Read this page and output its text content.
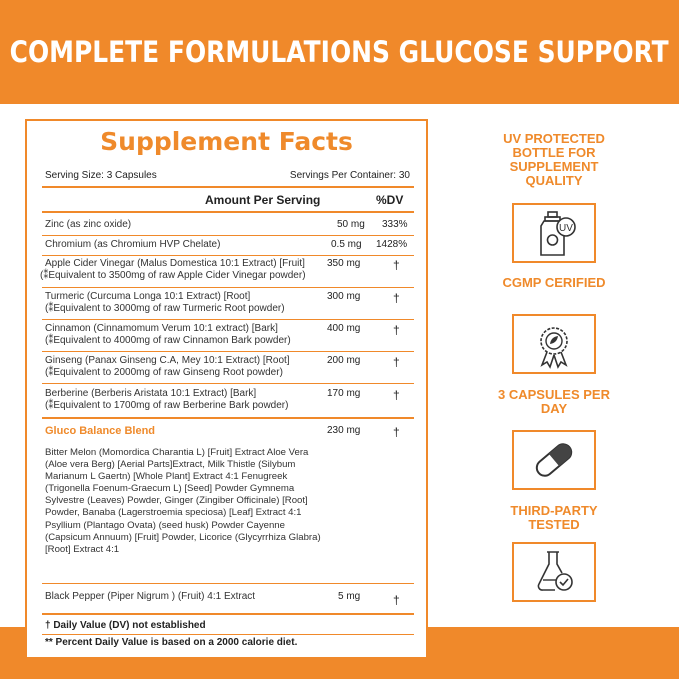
COMPLETE FORMULATIONS GLUCOSE SUPPORT
Supplement Facts
Serving Size: 3 Capsules	Servings Per Container: 30
Amount Per Serving	%DV
Zinc (as zinc oxide)	50 mg 333%
Chromium (as Chromium HVP Chelate)	0.5 mg 1428%
Apple Cider Vinegar (Malus Domestica 10:1 Extract) [Fruit]
(⁑Equivalent to 3500mg of raw Apple Cider Vinegar powder)
350 mg	†
Turmeric (Curcuma Longa 10:1 Extract) [Root]
(⁑Equivalent to 3000mg of raw Turmeric Root powder)
300 mg	†
Cinnamon (Cinnamomum Verum 10:1 extract) [Bark]
(⁑Equivalent to 4000mg of raw Cinnamon Bark powder)
400 mg	†
Ginseng (Panax Ginseng C.A, Mey 10:1 Extract) [Root]
(⁑Equivalent to 2000mg of raw Ginseng Root powder)
200 mg	†
Berberine (Berberis Aristata 10:1 Extract) [Bark]
(⁑Equivalent to 1700mg of raw Berberine Bark powder)
170 mg	†
Gluco Balance Blend	230 mg	†
Bitter Melon (Momordica Charantia L) [Fruit] Extract Aloe Vera (Aloe vera Berg) [Aerial Parts]Extract, Milk Thistle (Silybum Marianum L Gaertn) [Whole Plant] Extract 4:1 Fenugreek (Trigonella Foenum-Graecum L) [Seed] Powder Gymnema Sylvestre (Leaves) Powder, Ginger (Zingiber Officinale) [Root] Powder, Banaba (Lagerstroemia speciosa) [Leaf] Extract 4:1 Psyllium (Plantago Ovata) (seed husk) Powder Cayenne (Capsicum Annuum) [Fruit] Powder, Licorice (Glycyrrhiza Glabra) [Root] Extract 4:1
Black Pepper (Piper Nigrum ) (Fruit) 4:1 Extract	5 mg	†
† Daily Value (DV) not established
** Percent Daily Value is based on a 2000 calorie diet.
UV PROTECTED BOTTLE FOR SUPPLEMENT QUALITY
UV
CGMP CERIFIED
3 CAPSULES PER DAY
THIRD-PARTY TESTED
